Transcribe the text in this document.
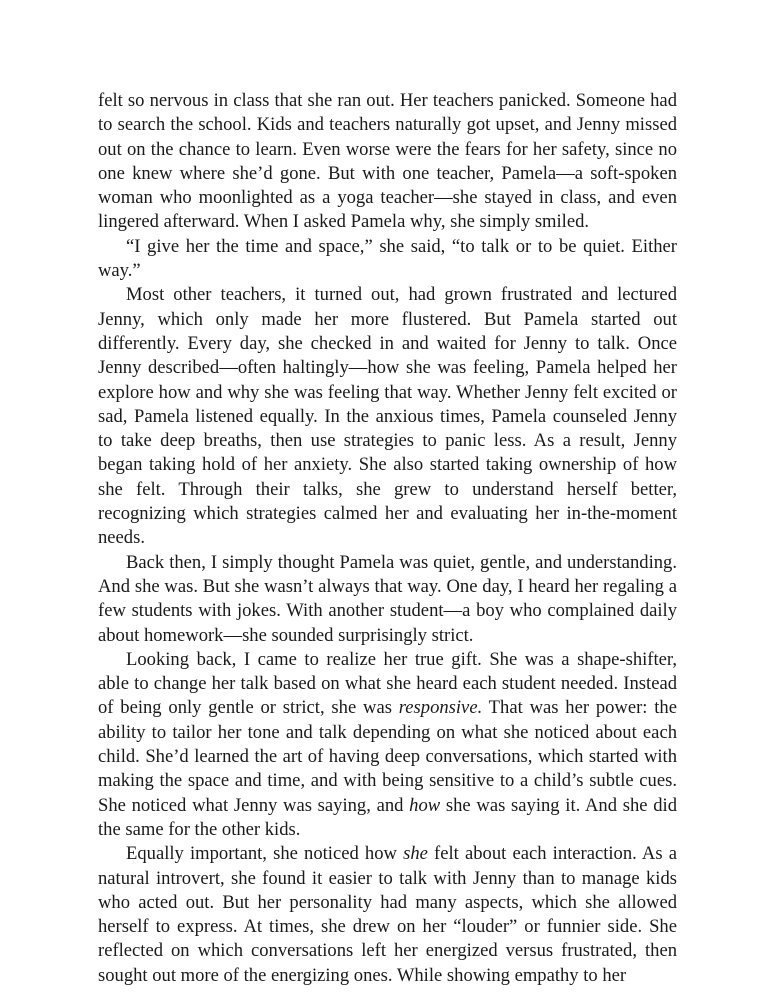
felt so nervous in class that she ran out. Her teachers panicked. Someone had to search the school. Kids and teachers naturally got upset, and Jenny missed out on the chance to learn. Even worse were the fears for her safety, since no one knew where she’d gone. But with one teacher, Pamela—a soft-spoken woman who moonlighted as a yoga teacher—she stayed in class, and even lingered afterward. When I asked Pamela why, she simply smiled.

“I give her the time and space,” she said, “to talk or to be quiet. Either way.”

Most other teachers, it turned out, had grown frustrated and lectured Jenny, which only made her more flustered. But Pamela started out differently. Every day, she checked in and waited for Jenny to talk. Once Jenny described—often haltingly—how she was feeling, Pamela helped her explore how and why she was feeling that way. Whether Jenny felt excited or sad, Pamela listened equally. In the anxious times, Pamela counseled Jenny to take deep breaths, then use strategies to panic less. As a result, Jenny began taking hold of her anxiety. She also started taking ownership of how she felt. Through their talks, she grew to understand herself better, recognizing which strategies calmed her and evaluating her in-the-moment needs.

Back then, I simply thought Pamela was quiet, gentle, and understanding. And she was. But she wasn’t always that way. One day, I heard her regaling a few students with jokes. With another student—a boy who complained daily about homework—she sounded surprisingly strict.

Looking back, I came to realize her true gift. She was a shape-shifter, able to change her talk based on what she heard each student needed. Instead of being only gentle or strict, she was responsive. That was her power: the ability to tailor her tone and talk depending on what she noticed about each child. She’d learned the art of having deep conversations, which started with making the space and time, and with being sensitive to a child’s subtle cues. She noticed what Jenny was saying, and how she was saying it. And she did the same for the other kids.

Equally important, she noticed how she felt about each interaction. As a natural introvert, she found it easier to talk with Jenny than to manage kids who acted out. But her personality had many aspects, which she allowed herself to express. At times, she drew on her “louder” or funnier side. She reflected on which conversations left her energized versus frustrated, then sought out more of the energizing ones. While showing empathy to her
